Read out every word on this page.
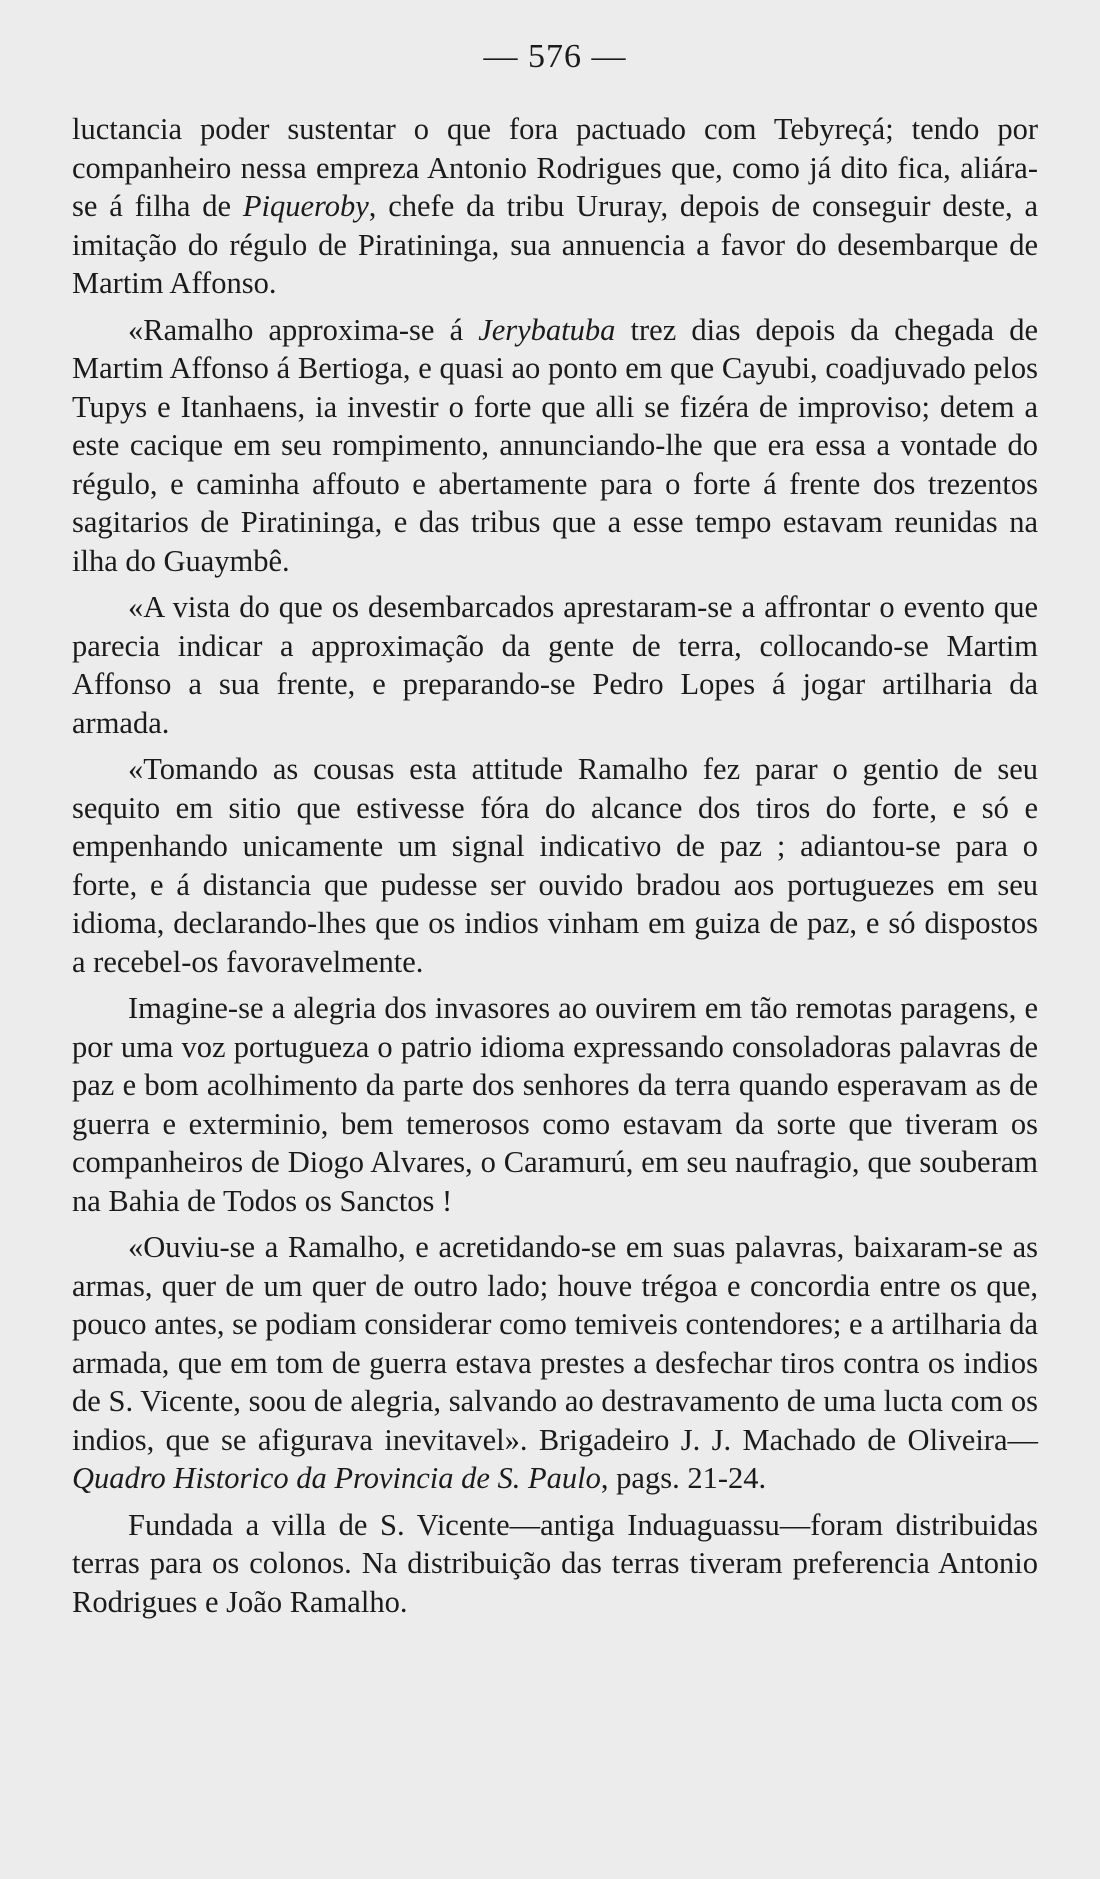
— 576 —

luctancia poder sustentar o que fora pactuado com Tebyreçá; tendo por companheiro nessa empreza Antonio Rodrigues que, como já dito fica, aliára-se á filha de Piqueroby, chefe da tribu Ururay, depois de conseguir deste, a imitação do régulo de Piratininga, sua annuencia a favor do desembarque de Martim Affonso.

«Ramalho approxima-se á Jerybatuba trez dias depois da chegada de Martim Affonso á Bertioga, e quasi ao ponto em que Cayubi, coadjuvado pelos Tupys e Itanhaens, ia investir o forte que alli se fizéra de improviso; detem a este cacique em seu rompimento, annunciando-lhe que era essa a vontade do régulo, e caminha affouto e abertamente para o forte á frente dos trezentos sagitarios de Piratininga, e das tribus que a esse tempo estavam reunidas na ilha do Guaymbê.

«A vista do que os desembarcados aprestaram-se a affrontar o evento que parecia indicar a approximação da gente de terra, collocando-se Martim Affonso a sua frente, e preparando-se Pedro Lopes á jogar artilharia da armada.

«Tomando as cousas esta attitude Ramalho fez parar o gentio de seu sequito em sitio que estivesse fóra do alcance dos tiros do forte, e só e empenhando unicamente um signal indicativo de paz ; adiantou-se para o forte, e á distancia que pudesse ser ouvido bradou aos portuguezes em seu idioma, declarando-lhes que os indios vinham em guiza de paz, e só dispostos a recebel-os favoravelmente.

Imagine-se a alegria dos invasores ao ouvirem em tão remotas paragens, e por uma voz portugueza o patrio idioma expressando consoladoras palavras de paz e bom acolhimento da parte dos senhores da terra quando esperavam as de guerra e exterminio, bem temerosos como estavam da sorte que tiveram os companheiros de Diogo Alvares, o Caramurú, em seu naufragio, que souberam na Bahia de Todos os Sanctos !

«Ouviu-se a Ramalho, e acretidando-se em suas palavras, baixaram-se as armas, quer de um quer de outro lado; houve trégoa e concordia entre os que, pouco antes, se podiam considerar como temiveis contendores; e a artilharia da armada, que em tom de guerra estava prestes a desfechar tiros contra os indios de S. Vicente, soou de alegria, salvando ao destravamento de uma lucta com os indios, que se afigurava inevitavel». Brigadeiro J. J. Machado de Oliveira—Quadro Historico da Provincia de S. Paulo, pags. 21-24.

Fundada a villa de S. Vicente—antiga Induaguassu—foram distribuidas terras para os colonos. Na distribuição das terras tiveram preferencia Antonio Rodrigues e João Ramalho.
